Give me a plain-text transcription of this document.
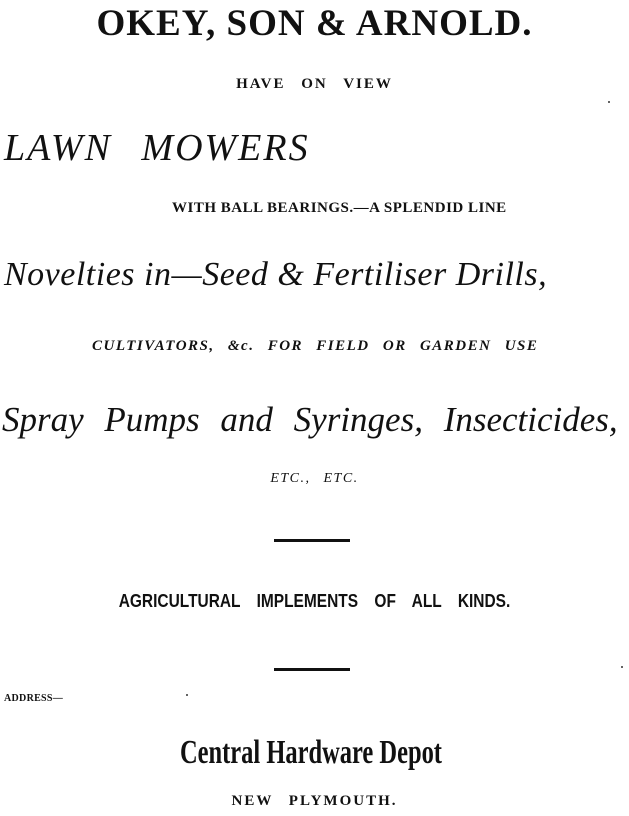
OKEY, SON & ARNOLD.
HAVE ON VIEW
LAWN MOWERS
WITH BALL BEARINGS.—A SPLENDID LINE
Novelties in—Seed & Fertiliser Drills,
CULTIVATORS, &c. FOR FIELD OR GARDEN USE
Spray Pumps and Syringes, Insecticides,
ETC., ETC.
AGRICULTURAL IMPLEMENTS OF ALL KINDS.
ADDRESS—
Central Hardware Depot
NEW PLYMOUTH.
